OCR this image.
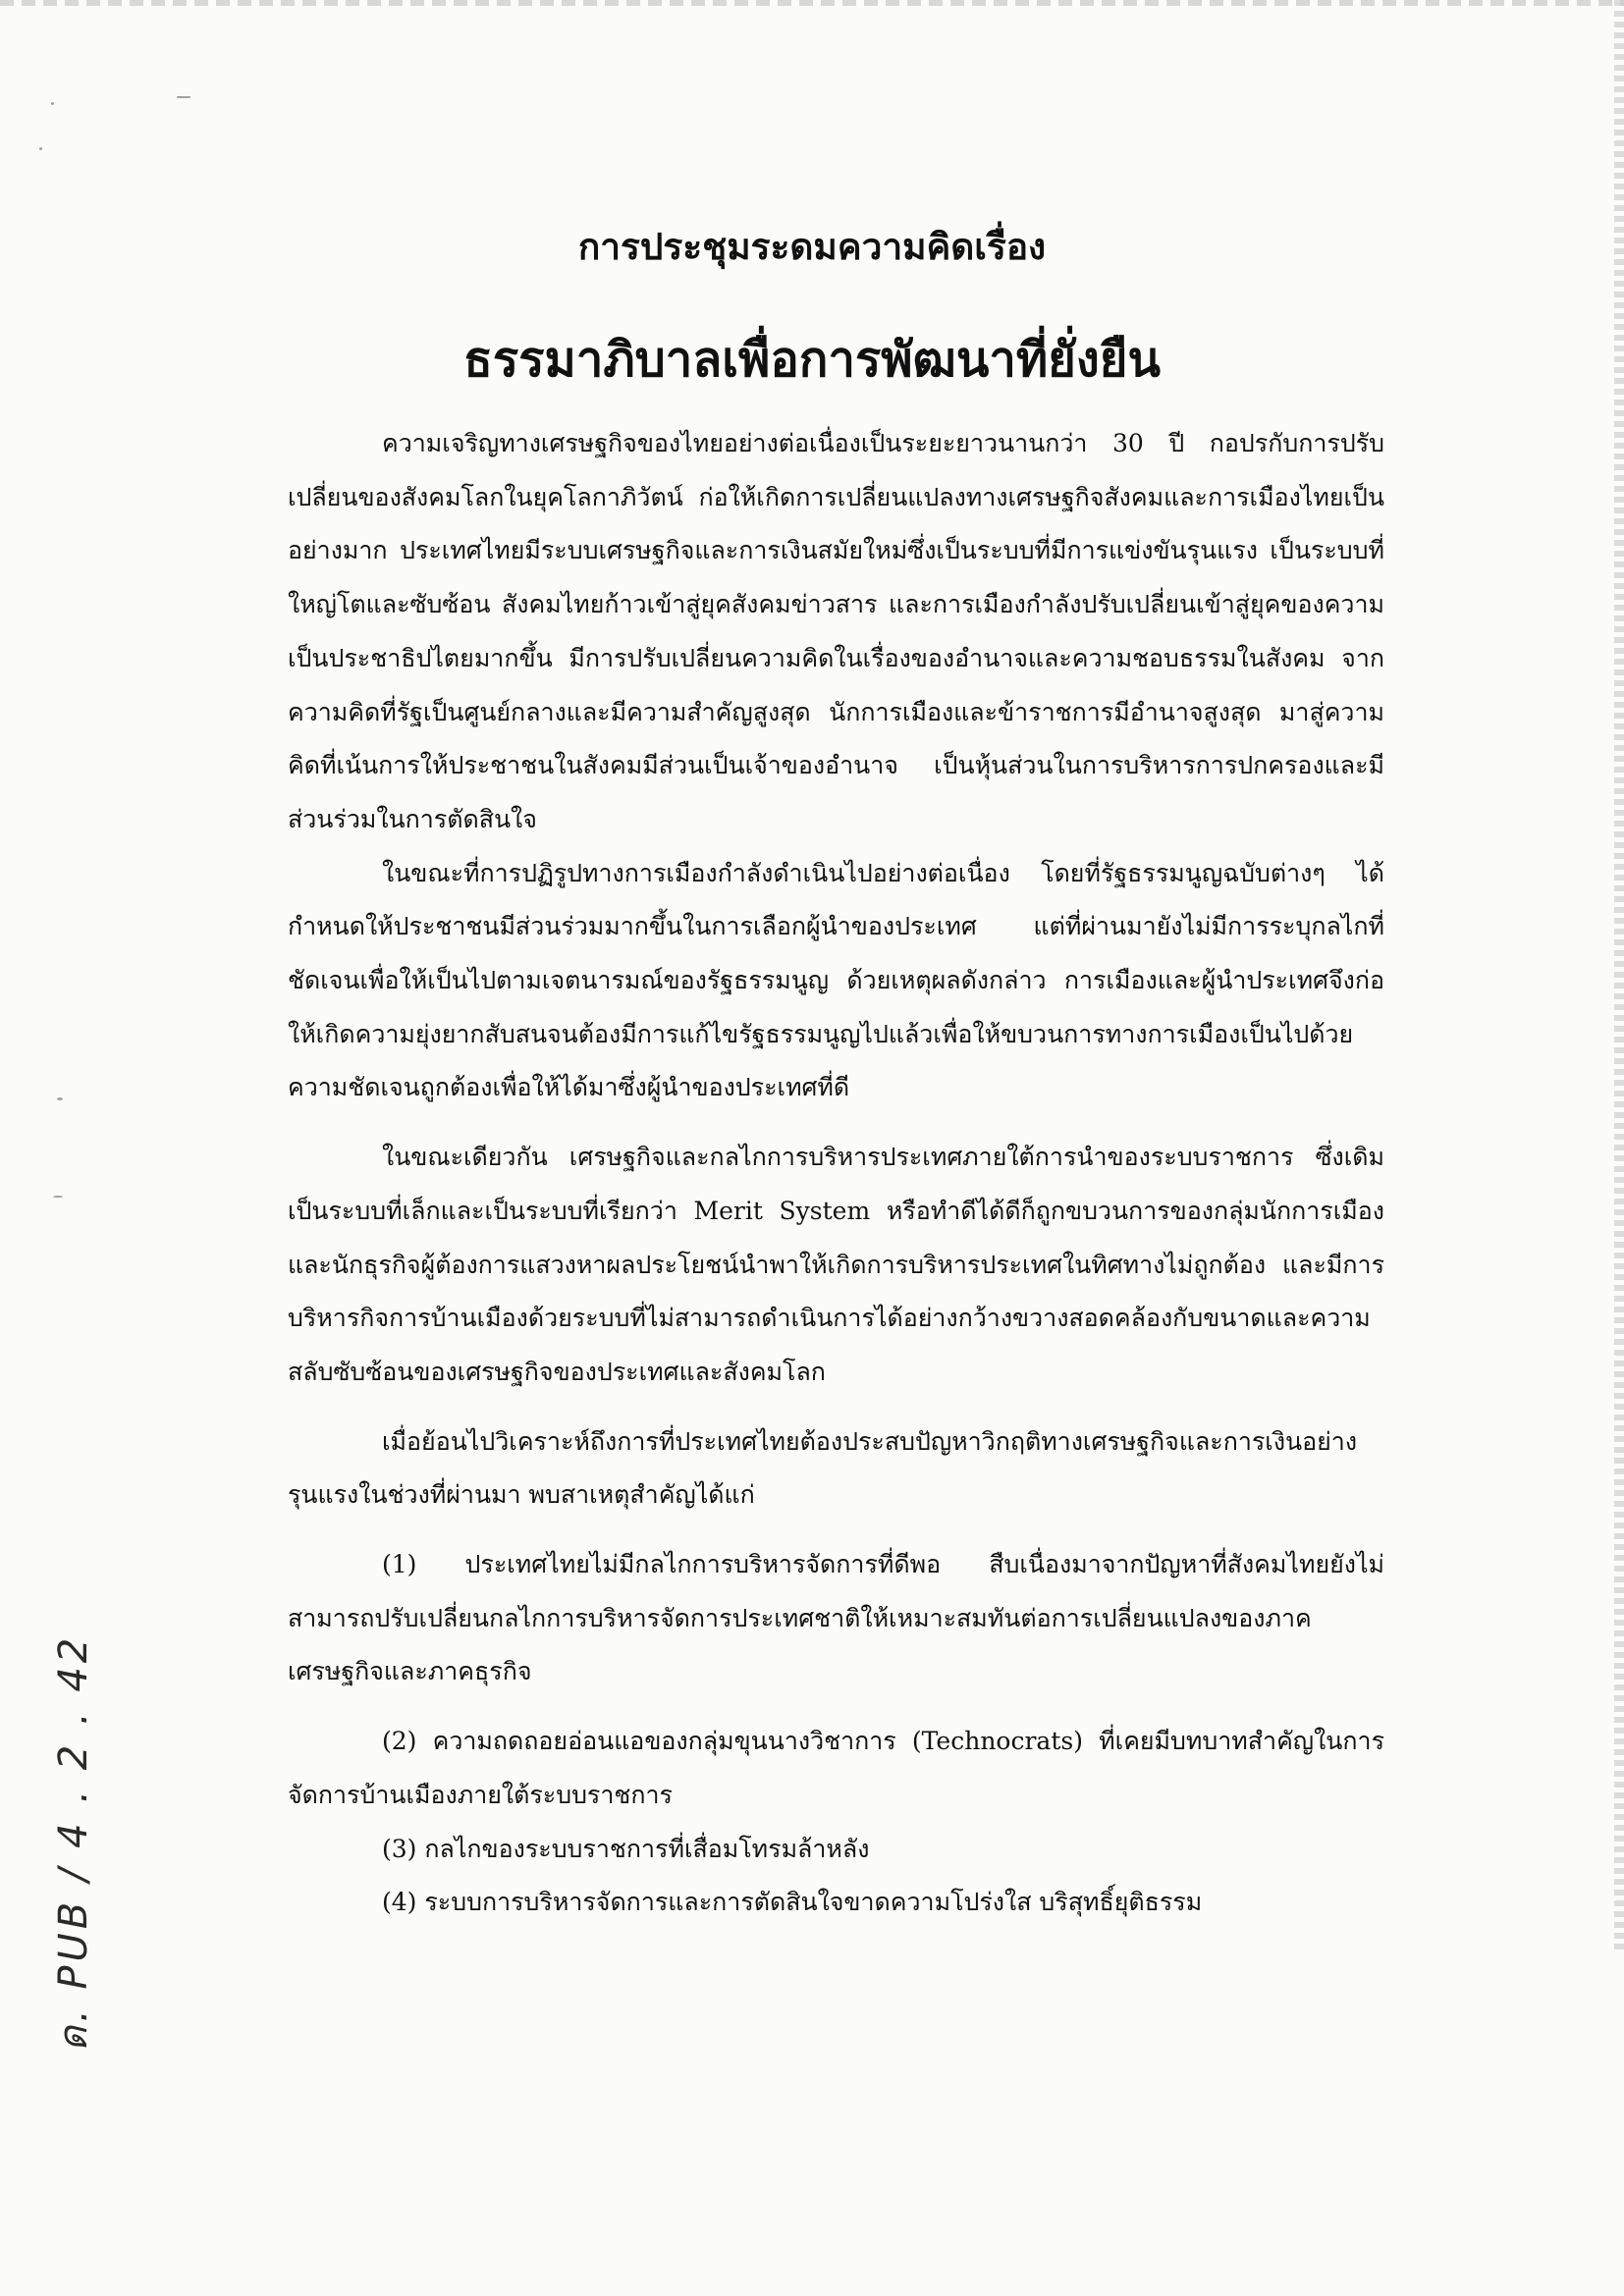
การประชุมระดมความคิดเรื่อง
ธรรมาภิบาลเพื่อการพัฒนาที่ยั่งยืน

ความเจริญทางเศรษฐกิจของไทยอย่างต่อเนื่องเป็นระยะยาวนานกว่า 30 ปี กอปรกับการปรับเปลี่ยนของสังคมโลกในยุคโลกาภิวัตน์ ก่อให้เกิดการเปลี่ยนแปลงทางเศรษฐกิจสังคมและการเมืองไทยเป็นอย่างมาก ประเทศไทยมีระบบเศรษฐกิจและการเงินสมัยใหม่ซึ่งเป็นระบบที่มีการแข่งขันรุนแรง เป็นระบบที่ใหญ่โตและซับซ้อน สังคมไทยก้าวเข้าสู่ยุคสังคมข่าวสาร และการเมืองกำลังปรับเปลี่ยนเข้าสู่ยุคของความเป็นประชาธิปไตยมากขึ้น มีการปรับเปลี่ยนความคิดในเรื่องของอำนาจและความชอบธรรมในสังคม จากความคิดที่รัฐเป็นศูนย์กลางและมีความสำคัญสูงสุด นักการเมืองและข้าราชการมีอำนาจสูงสุด มาสู่ความคิดที่เน้นการให้ประชาชนในสังคมมีส่วนเป็นเจ้าของอำนาจ เป็นหุ้นส่วนในการบริหารการปกครองและมีส่วนร่วมในการตัดสินใจ

ในขณะที่การปฏิรูปทางการเมืองกำลังดำเนินไปอย่างต่อเนื่อง โดยที่รัฐธรรมนูญฉบับต่างๆ ได้กำหนดให้ประชาชนมีส่วนร่วมมากขึ้นในการเลือกผู้นำของประเทศ แต่ที่ผ่านมายังไม่มีการระบุกลไกที่ชัดเจนเพื่อให้เป็นไปตามเจตนารมณ์ของรัฐธรรมนูญ ด้วยเหตุผลดังกล่าว การเมืองและผู้นำประเทศจึงก่อให้เกิดความยุ่งยากสับสนจนต้องมีการแก้ไขรัฐธรรมนูญไปแล้วเพื่อให้ขบวนการทางการเมืองเป็นไปด้วยความชัดเจนถูกต้องเพื่อให้ได้มาซึ่งผู้นำของประเทศที่ดี

ในขณะเดียวกัน เศรษฐกิจและกลไกการบริหารประเทศภายใต้การนำของระบบราชการ ซึ่งเดิมเป็นระบบที่เล็กและเป็นระบบที่เรียกว่า Merit System หรือทำดีได้ดีก็ถูกขบวนการของกลุ่มนักการเมืองและนักธุรกิจผู้ต้องการแสวงหาผลประโยชน์นำพาให้เกิดการบริหารประเทศในทิศทางไม่ถูกต้อง และมีการบริหารกิจการบ้านเมืองด้วยระบบที่ไม่สามารถดำเนินการได้อย่างกว้างขวางสอดคล้องกับขนาดและความสลับซับซ้อนของเศรษฐกิจของประเทศและสังคมโลก

เมื่อย้อนไปวิเคราะห์ถึงการที่ประเทศไทยต้องประสบปัญหาวิกฤติทางเศรษฐกิจและการเงินอย่างรุนแรงในช่วงที่ผ่านมา พบสาเหตุสำคัญได้แก่

(1) ประเทศไทยไม่มีกลไกการบริหารจัดการที่ดีพอ สืบเนื่องมาจากปัญหาที่สังคมไทยยังไม่สามารถปรับเปลี่ยนกลไกการบริหารจัดการประเทศชาติให้เหมาะสมทันต่อการเปลี่ยนแปลงของภาคเศรษฐกิจและภาคธุรกิจ

(2) ความถดถอยอ่อนแอของกลุ่มขุนนางวิชาการ (Technocrats) ที่เคยมีบทบาทสำคัญในการจัดการบ้านเมืองภายใต้ระบบราชการ

(3) กลไกของระบบราชการที่เสื่อมโทรมล้าหลัง

(4) ระบบการบริหารจัดการและการตัดสินใจขาดความโปร่งใส บริสุทธิ์ยุติธรรม

ด. PUB / 4 . 2 . 42
